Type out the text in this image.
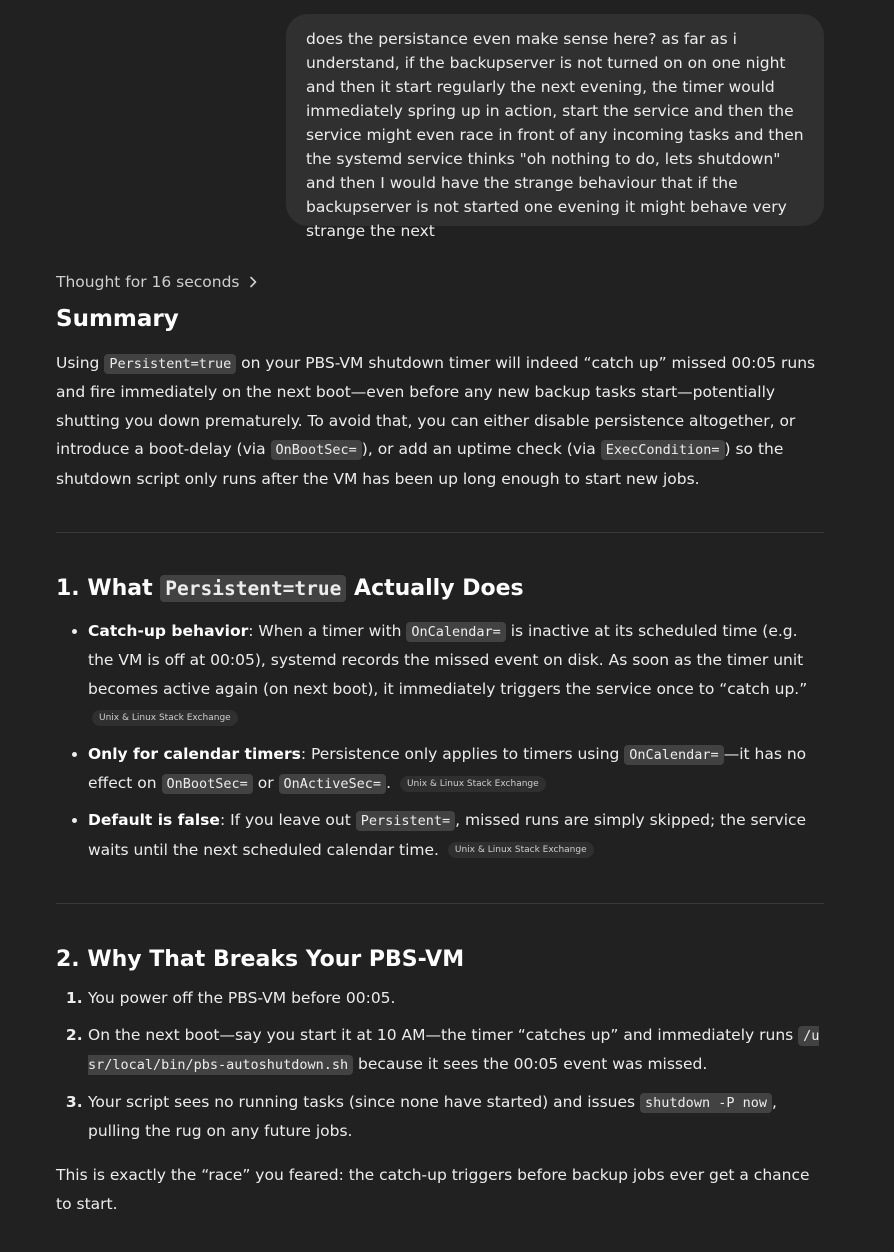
does the persistance even make sense here? as far as i understand, if the backupserver is not turned on on one night and then it start regularly the next evening, the timer would immediately spring up in action, start the service and then the service might even race in front of any incoming tasks and then the systemd service thinks "oh nothing to do, lets shutdown" and then I would have the strange behaviour that if the backupserver is not started one evening it might behave very strange the next
Thought for 16 seconds
Summary

Using Persistent=true on your PBS-VM shutdown timer will indeed “catch up” missed 00:05 runs and fire immediately on the next boot—even before any new backup tasks start—potentially shutting you down prematurely. To avoid that, you can either disable persistence altogether, or introduce a boot-delay (via OnBootSec= ), or add an uptime check (via ExecCondition= ) so the shutdown script only runs after the VM has been up long enough to start new jobs.

1. What Persistent=true Actually Does
• Catch-up behavior: When a timer with OnCalendar= is inactive at its scheduled time (e.g. the VM is off at 00:05), systemd records the missed event on disk. As soon as the timer unit becomes active again (on next boot), it immediately triggers the service once to “catch up.” Unix & Linux Stack Exchange
• Only for calendar timers: Persistence only applies to timers using OnCalendar= —it has no effect on OnBootSec= or OnActiveSec= . Unix & Linux Stack Exchange
• Default is false: If you leave out Persistent= , missed runs are simply skipped; the service waits until the next scheduled calendar time. Unix & Linux Stack Exchange
2. Why That Breaks Your PBS-VM
1. You power off the PBS-VM before 00:05.
2. On the next boot—say you start it at 10 AM—the timer “catches up” and immediately runs /usr/local/bin/pbs-autoshutdown.sh because it sees the 00:05 event was missed.
3. Your script sees no running tasks (since none have started) and issues shutdown -P now , pulling the rug on any future jobs.

This is exactly the “race” you feared: the catch-up triggers before backup jobs ever get a chance to start.
